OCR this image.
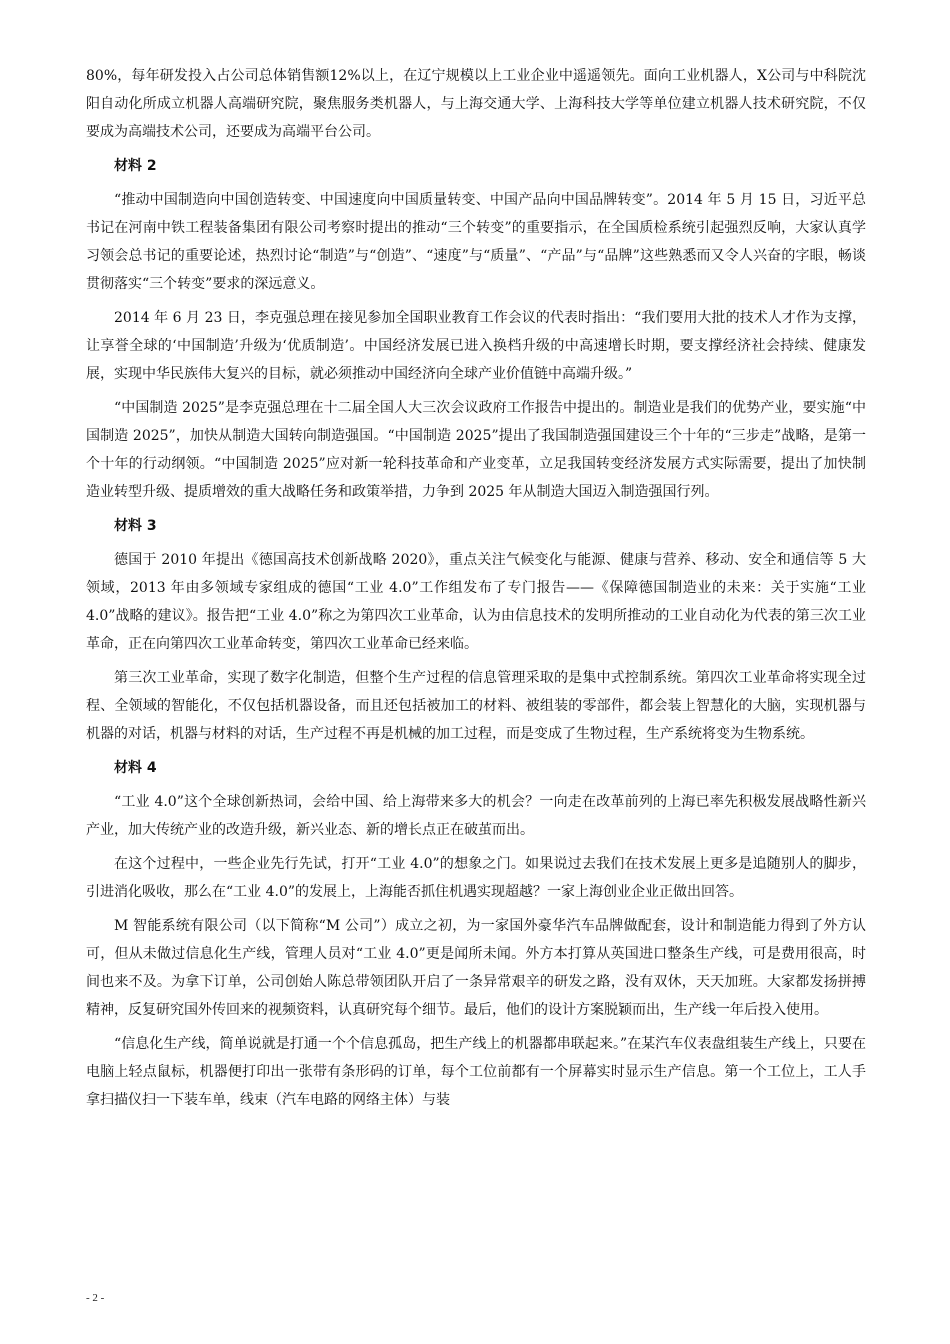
80%，每年研发投入占公司总体销售额12%以上，在辽宁规模以上工业企业中遥遥领先。面向工业机器人，X公司与中科院沈阳自动化所成立机器人高端研究院，聚焦服务类机器人，与上海交通大学、上海科技大学等单位建立机器人技术研究院，不仅要成为高端技术公司，还要成为高端平台公司。

材料 2

“推动中国制造向中国创造转变、中国速度向中国质量转变、中国产品向中国品牌转变”。2014 年 5 月 15 日，习近平总书记在河南中铁工程装备集团有限公司考察时提出的推动“三个转变”的重要指示，在全国质检系统引起强烈反响，大家认真学习领会总书记的重要论述，热烈讨论“制造”与“创造”、“速度”与“质量”、“产品”与“品牌”这些熟悉而又令人兴奋的字眼，畅谈贯彻落实“三个转变”要求的深远意义。

2014 年 6 月 23 日，李克强总理在接见参加全国职业教育工作会议的代表时指出：“我们要用大批的技术人才作为支撑，让享誉全球的‘中国制造’升级为‘优质制造’。中国经济发展已进入换档升级的中高速增长时期，要支撑经济社会持续、健康发展，实现中华民族伟大复兴的目标，就必须推动中国经济向全球产业价值链中高端升级。”

“中国制造 2025”是李克强总理在十二届全国人大三次会议政府工作报告中提出的。制造业是我们的优势产业，要实施“中国制造 2025”，加快从制造大国转向制造强国。“中国制造 2025”提出了我国制造强国建设三个十年的“三步走”战略，是第一个十年的行动纲领。“中国制造 2025”应对新一轮科技革命和产业变革，立足我国转变经济发展方式实际需要，提出了加快制造业转型升级、提质增效的重大战略任务和政策举措，力争到 2025 年从制造大国迈入制造强国行列。

材料 3

德国于 2010 年提出《德国高技术创新战略 2020》，重点关注气候变化与能源、健康与营养、移动、安全和通信等 5 大领域，2013 年由多领域专家组成的德国“工业 4.0”工作组发布了专门报告——《保障德国制造业的未来：关于实施“工业 4.0”战略的建议》。报告把“工业 4.0”称之为第四次工业革命，认为由信息技术的发明所推动的工业自动化为代表的第三次工业革命，正在向第四次工业革命转变，第四次工业革命已经来临。

第三次工业革命，实现了数字化制造，但整个生产过程的信息管理采取的是集中式控制系统。第四次工业革命将实现全过程、全领域的智能化，不仅包括机器设备，而且还包括被加工的材料、被组装的零部件，都会装上智慧化的大脑，实现机器与机器的对话，机器与材料的对话，生产过程不再是机械的加工过程，而是变成了生物过程，生产系统将变为生物系统。

材料 4

“工业 4.0”这个全球创新热词，会给中国、给上海带来多大的机会？一向走在改革前列的上海已率先积极发展战略性新兴产业，加大传统产业的改造升级，新兴业态、新的增长点正在破茧而出。

在这个过程中，一些企业先行先试，打开“工业 4.0”的想象之门。如果说过去我们在技术发展上更多是追随别人的脚步，引进消化吸收，那么在“工业 4.0”的发展上，上海能否抓住机遇实现超越？一家上海创业企业正做出回答。

M 智能系统有限公司（以下简称“M 公司”）成立之初，为一家国外豪华汽车品牌做配套，设计和制造能力得到了外方认可，但从未做过信息化生产线，管理人员对“工业 4.0”更是闻所未闻。外方本打算从英国进口整条生产线，可是费用很高，时间也来不及。为拿下订单，公司创始人陈总带领团队开启了一条异常艰辛的研发之路，没有双休，天天加班。大家都发扬拼搏精神，反复研究国外传回来的视频资料，认真研究每个细节。最后，他们的设计方案脱颖而出，生产线一年后投入使用。

“信息化生产线，简单说就是打通一个个信息孤岛，把生产线上的机器都串联起来。”在某汽车仪表盘组装生产线上，只要在电脑上轻点鼠标，机器便打印出一张带有条形码的订单，每个工位前都有一个屏幕实时显示生产信息。第一个工位上，工人手拿扫描仪扫一下装车单，线束（汽车电路的网络主体）与装

- 2 -
